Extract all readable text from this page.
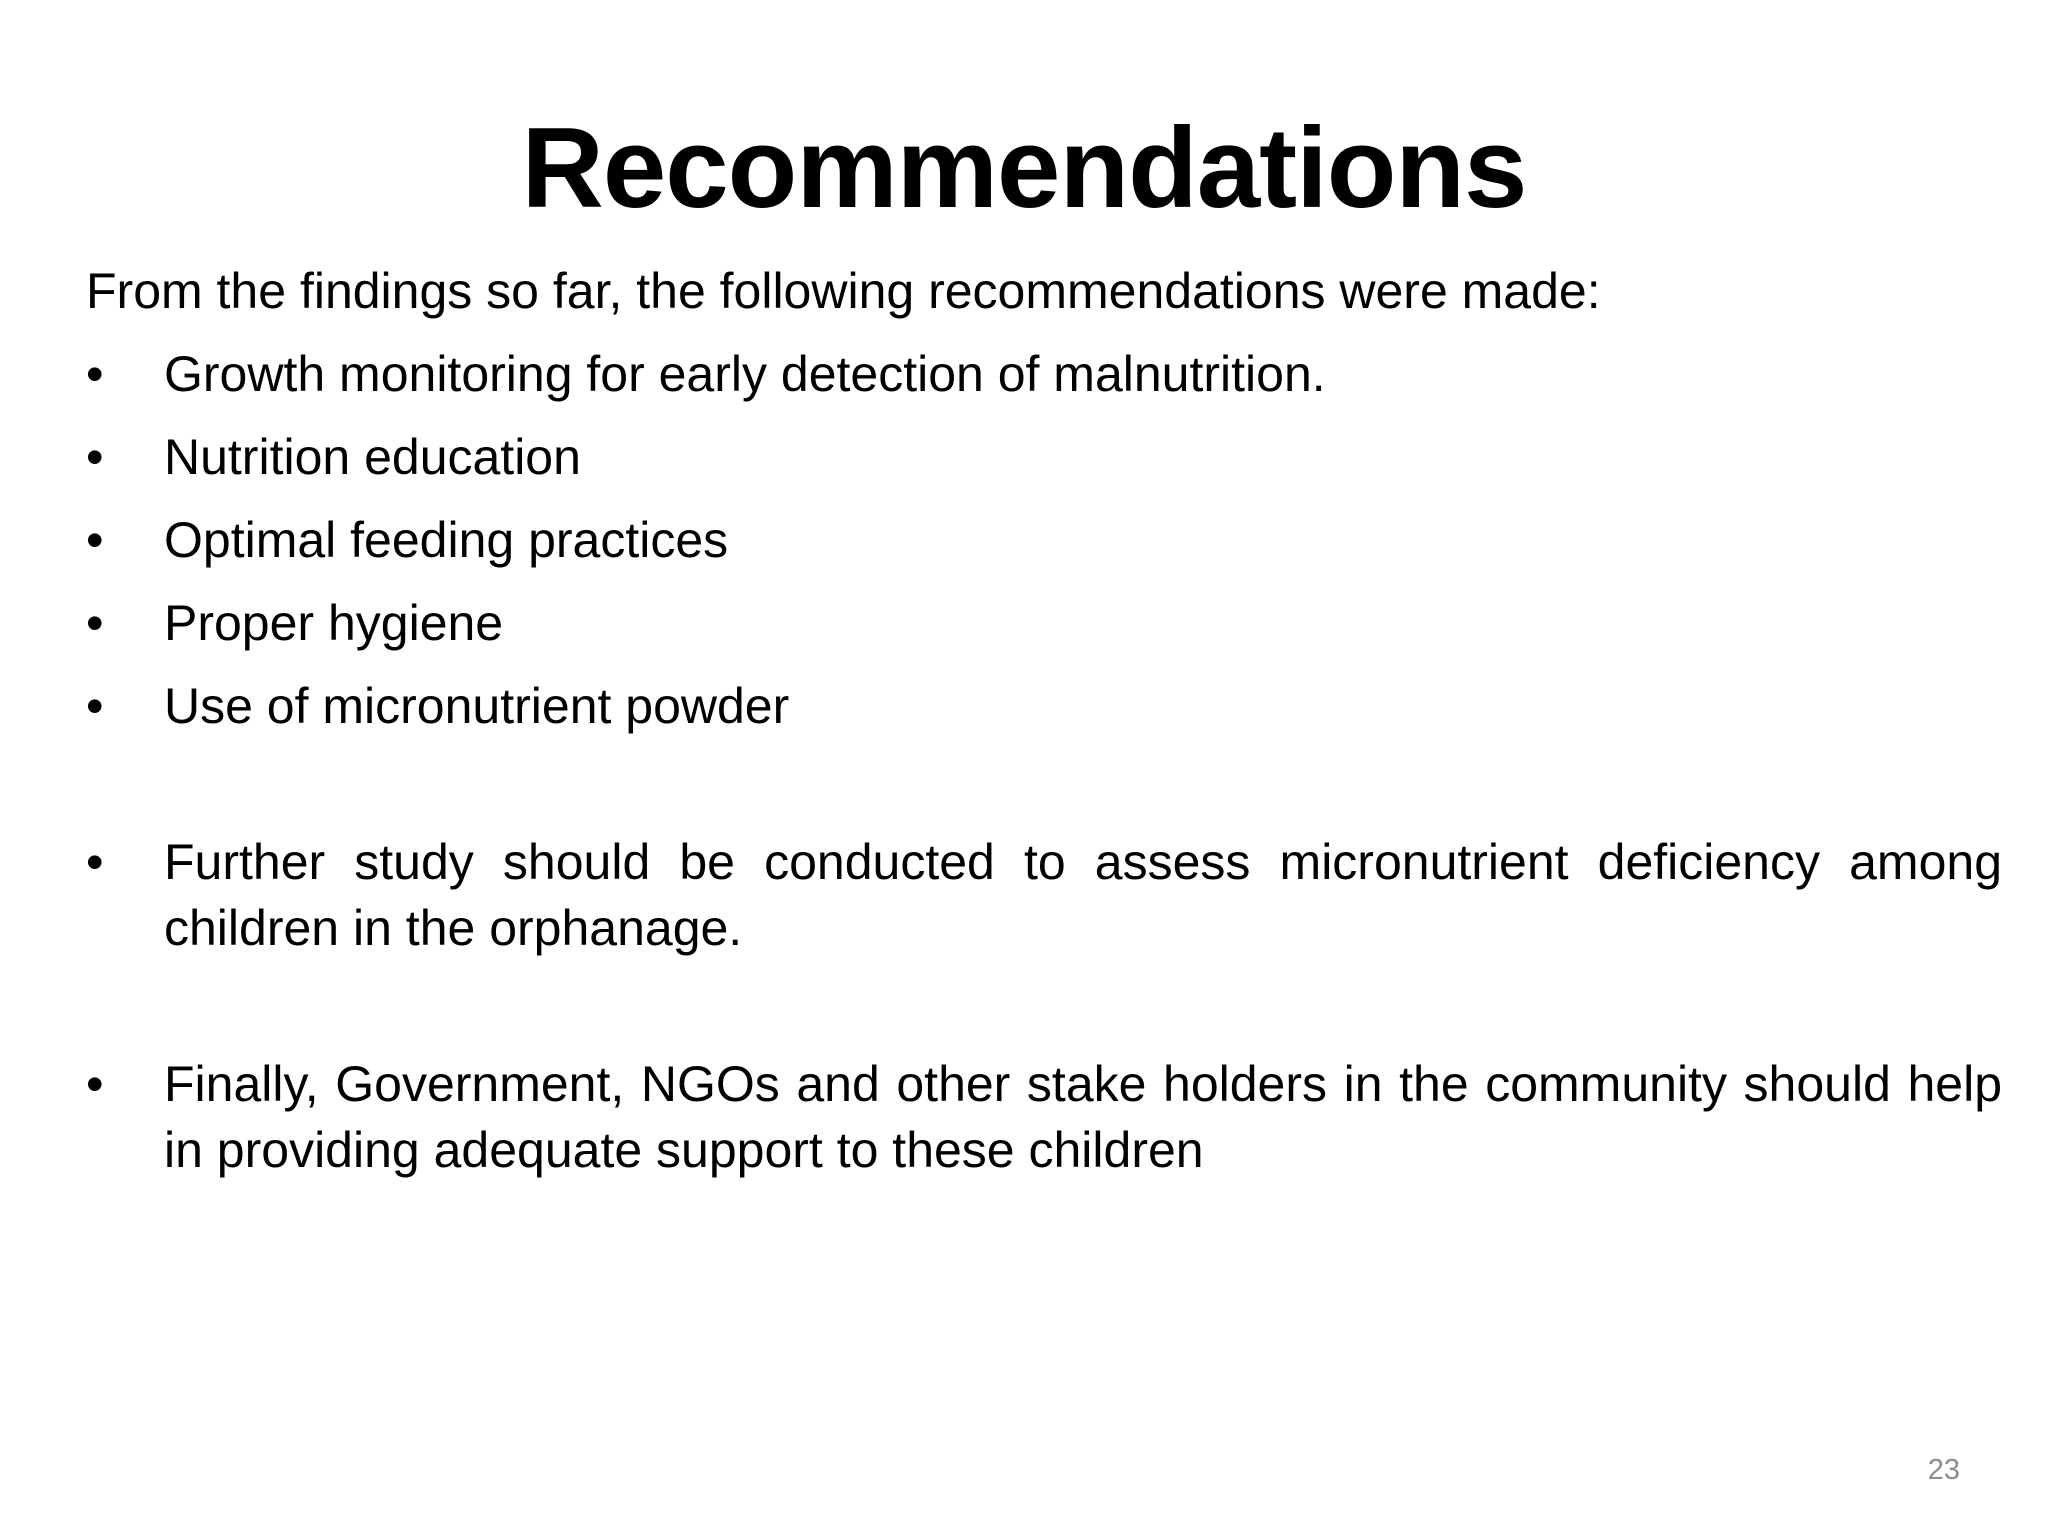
Recommendations

From the findings so far, the following recommendations were made:

• Growth monitoring for early detection of malnutrition.
• Nutrition education
• Optimal feeding practices
• Proper hygiene
• Use of micronutrient powder
• Further study should be conducted to assess micronutrient deficiency among children in the orphanage.
• Finally, Government, NGOs and other stake holders in the community should help in providing adequate support to these children
23
